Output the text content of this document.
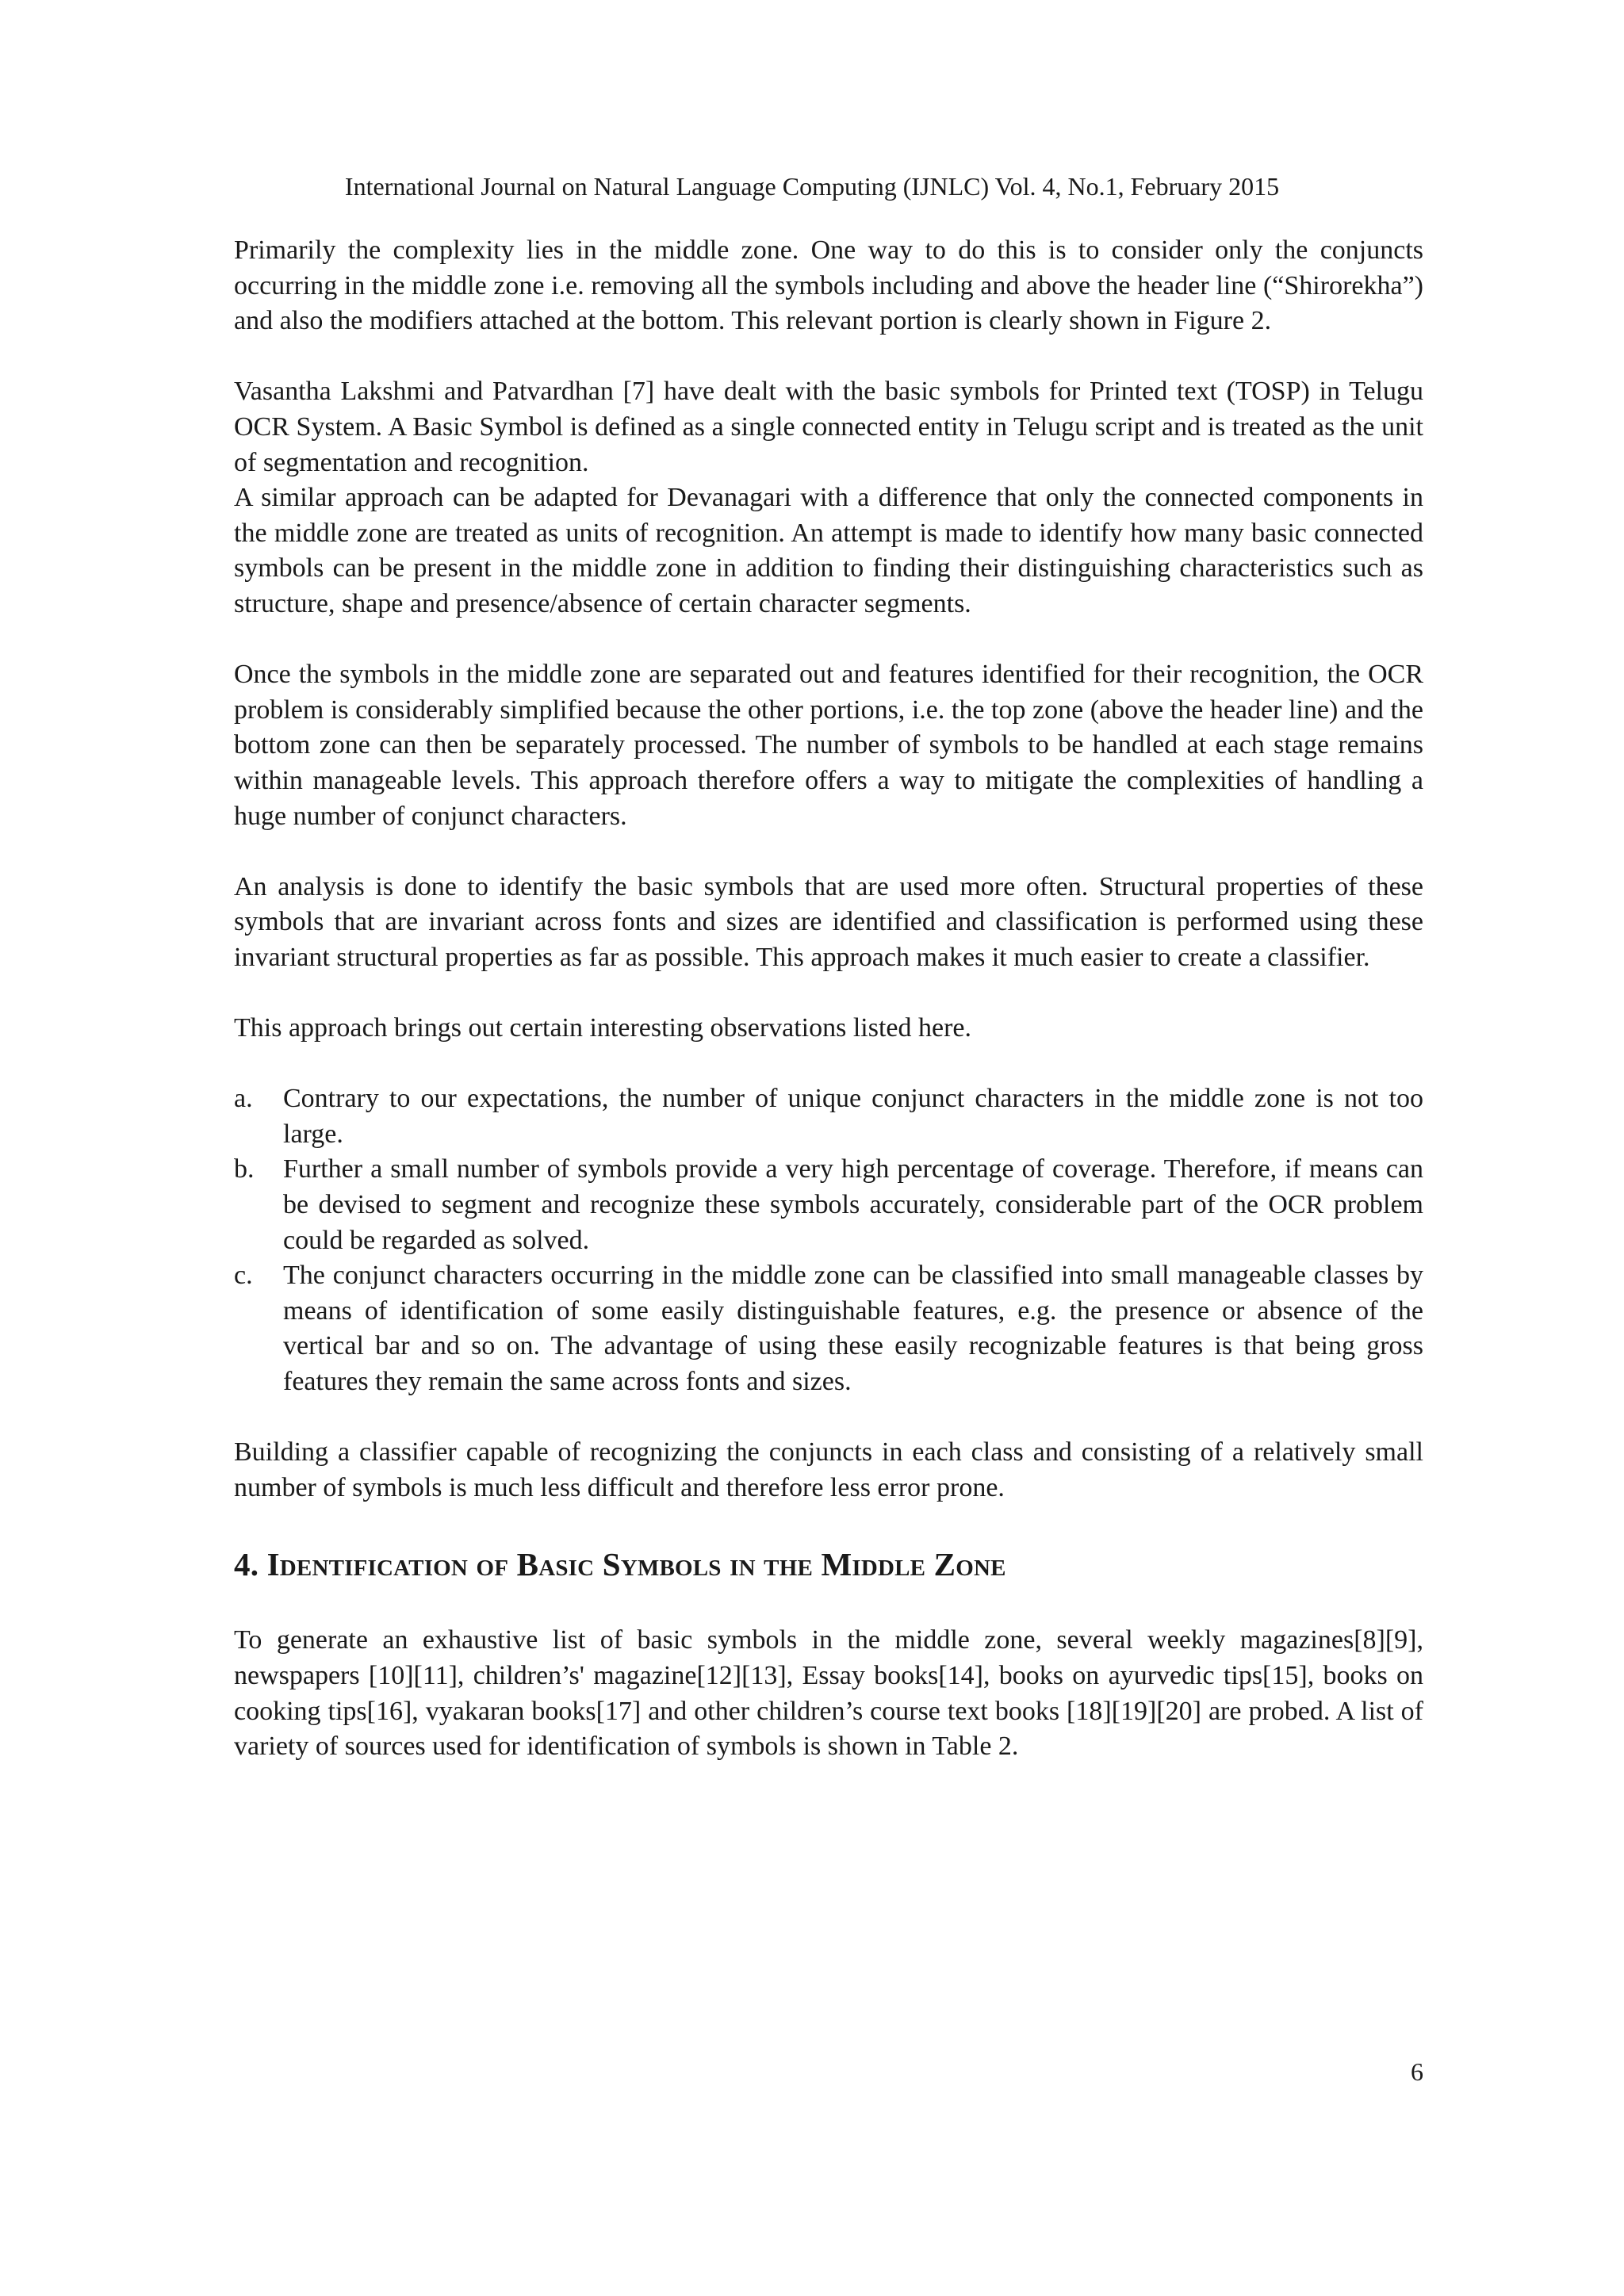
International Journal on Natural Language Computing (IJNLC) Vol. 4, No.1, February 2015

Primarily the complexity lies in the middle zone. One way to do this is to consider only the conjuncts occurring in the middle zone i.e. removing all the symbols including and above the header line (“Shirorekha”) and also the modifiers attached at the bottom. This relevant portion is clearly shown in Figure 2.

Vasantha Lakshmi and Patvardhan [7] have dealt with the basic symbols for Printed text (TOSP) in Telugu OCR System. A Basic Symbol is defined as a single connected entity in Telugu script and is treated as the unit of segmentation and recognition.

A similar approach can be adapted for Devanagari with a difference that only the connected components in the middle zone are treated as units of recognition. An attempt is made to identify how many basic connected symbols can be present in the middle zone in addition to finding their distinguishing characteristics such as structure, shape and presence/absence of certain character segments.

Once the symbols in the middle zone are separated out and features identified for their recognition, the OCR problem is considerably simplified because the other portions, i.e. the top zone (above the header line) and the bottom zone can then be separately processed. The number of symbols to be handled at each stage remains within manageable levels. This approach therefore offers a way to mitigate the complexities of handling a huge number of conjunct characters.

An analysis is done to identify the basic symbols that are used more often. Structural properties of these symbols that are invariant across fonts and sizes are identified and classification is performed using these invariant structural properties as far as possible. This approach makes it much easier to create a classifier.

This approach brings out certain interesting observations listed here.

a. Contrary to our expectations, the number of unique conjunct characters in the middle zone is not too large.
b. Further a small number of symbols provide a very high percentage of coverage. Therefore, if means can be devised to segment and recognize these symbols accurately, considerable part of the OCR problem could be regarded as solved.
c. The conjunct characters occurring in the middle zone can be classified into small manageable classes by means of identification of some easily distinguishable features, e.g. the presence or absence of the vertical bar and so on. The advantage of using these easily recognizable features is that being gross features they remain the same across fonts and sizes.

Building a classifier capable of recognizing the conjuncts in each class and consisting of a relatively small number of symbols is much less difficult and therefore less error prone.

4. Identification of Basic Symbols in the Middle Zone

To generate an exhaustive list of basic symbols in the middle zone, several weekly magazines[8][9], newspapers [10][11], children’s' magazine[12][13], Essay books[14], books on ayurvedic tips[15], books on cooking tips[16], vyakaran books[17] and other children’s course text books [18][19][20] are probed. A list of variety of sources used for identification of symbols is shown in Table 2.

6
